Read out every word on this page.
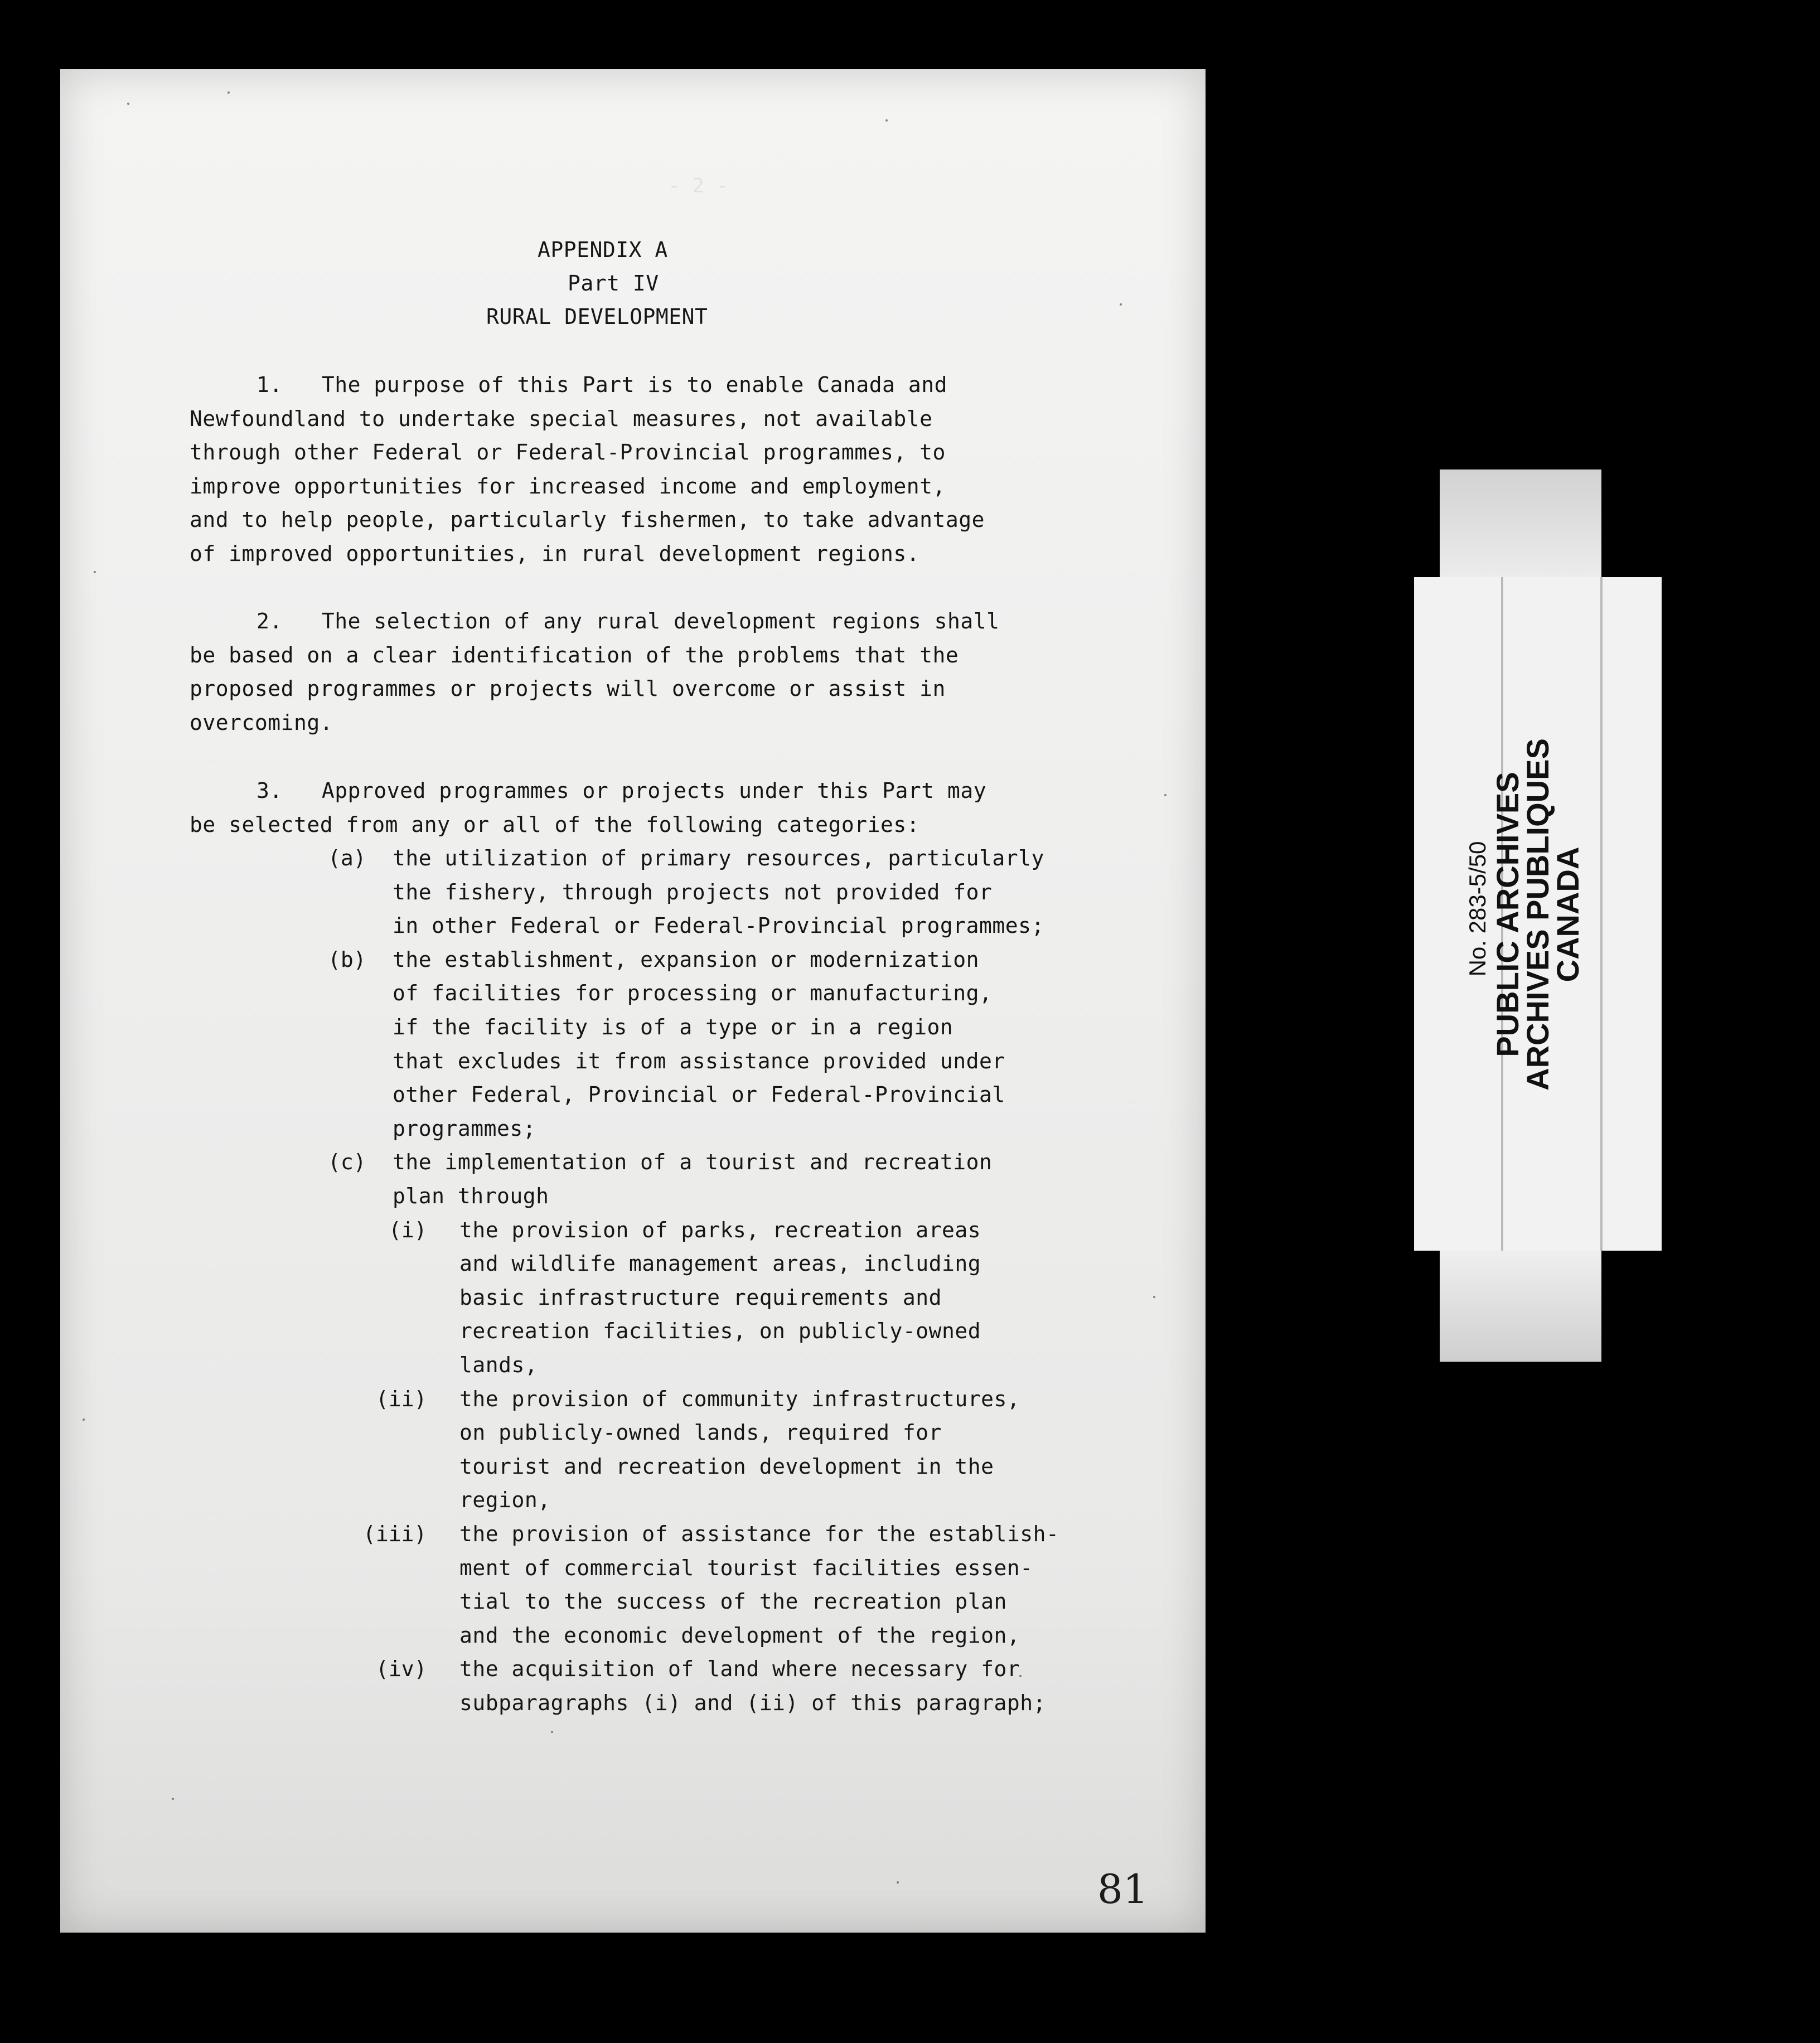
- 2 -
APPENDIX A
Part IV
RURAL DEVELOPMENT
1.   The purpose of this Part is to enable Canada and
Newfoundland to undertake special measures, not available
through other Federal or Federal-Provincial programmes, to
improve opportunities for increased income and employment,
and to help people, particularly fishermen, to take advantage
of improved opportunities, in rural development regions.
2.   The selection of any rural development regions shall
be based on a clear identification of the problems that the
proposed programmes or projects will overcome or assist in
overcoming.
3.   Approved programmes or projects under this Part may
be selected from any or all of the following categories:
(a) the utilization of primary resources, particularly
the fishery, through projects not provided for
in other Federal or Federal-Provincial programmes;
(b) the establishment, expansion or modernization
of facilities for processing or manufacturing,
if the facility is of a type or in a region
that excludes it from assistance provided under
other Federal, Provincial or Federal-Provincial
programmes;
(c) the implementation of a tourist and recreation
plan through
(i) the provision of parks, recreation areas
and wildlife management areas, including
basic infrastructure requirements and
recreation facilities, on publicly-owned
lands,
(ii) the provision of community infrastructures,
on publicly-owned lands, required for
tourist and recreation development in the
region,
(iii) the provision of assistance for the establish-
ment of commercial tourist facilities essen-
tial to the success of the recreation plan
and the economic development of the region,
(iv) the acquisition of land where necessary for
subparagraphs (i) and (ii) of this paragraph;
81
No. 283-5/50 PUBLIC ARCHIVES
ARCHIVES PUBLIQUES
CANADA
